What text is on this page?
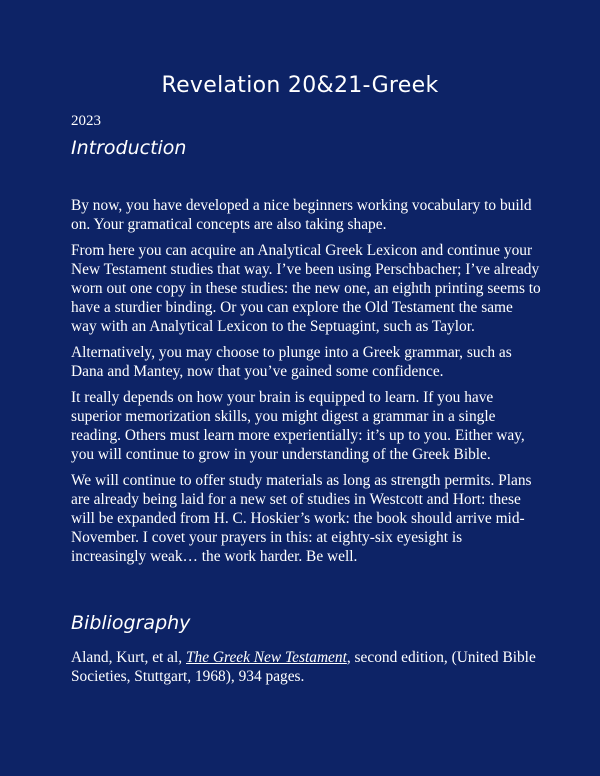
Revelation 20&21-Greek
2023
Introduction

By now, you have developed a nice beginners working vocabulary to build on. Your gramatical concepts are also taking shape.

From here you can acquire an Analytical Greek Lexicon and continue your New Testament studies that way. I’ve been using Perschbacher; I’ve already worn out one copy in these studies: the new one, an eighth printing seems to have a sturdier binding. Or you can explore the Old Testament the same way with an Analytical Lexicon to the Septuagint, such as Taylor.

Alternatively, you may choose to plunge into a Greek grammar, such as Dana and Mantey, now that you’ve gained some confidence.

It really depends on how your brain is equipped to learn. If you have superior memorization skills, you might digest a grammar in a single reading. Others must learn more experientially: it’s up to you. Either way, you will continue to grow in your understanding of the Greek Bible.

We will continue to offer study materials as long as strength permits. Plans are already being laid for a new set of studies in Westcott and Hort: these will be expanded from H. C. Hoskier’s work: the book should arrive mid-November. I covet your prayers in this: at eighty-six eyesight is increasingly weak… the work harder. Be well.

Bibliography

Aland, Kurt, et al, The Greek New Testament, second edition, (United Bible Societies, Stuttgart, 1968), 934 pages.
